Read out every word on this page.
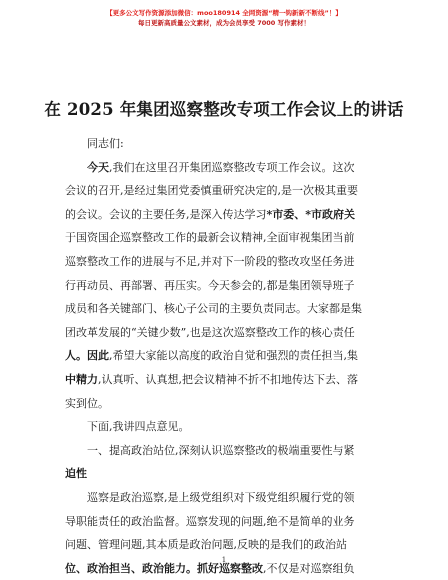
【更多公文写作资源添加微信：moo180914 全网资源“精一钩新新不断线”！】
每日更新高质量公文素材，成为会员享受 7000 写作素材！
在 2025 年集团巡察整改专项工作会议上的讲话
同志们:
今天,我们在这里召开集团巡察整改专项工作会议。这次
会议的召开,是经过集团党委慎重研究决定的,是一次极其重要
的会议。会议的主要任务,是深入传达学习*市委、*市政府关
于国资国企巡察整改工作的最新会议精神,全面审视集团当前
巡察整改工作的进展与不足,并对下一阶段的整改攻坚任务进
行再动员、再部署、再压实。今天参会的,都是集团领导班子
成员和各关键部门、核心子公司的主要负责同志。大家都是集
团改革发展的“关键少数”,也是这次巡察整改工作的核心责任
人。因此,希望大家能以高度的政治自觉和强烈的责任担当,集
中精力,认真听、认真想,把会议精神不折不扣地传达下去、落
实到位。
下面,我讲四点意见。
一、提高政治站位,深刻认识巡察整改的极端重要性与紧
迫性
巡察是政治巡察,是上级党组织对下级党组织履行党的领
导职能责任的政治监督。巡察发现的问题,绝不是简单的业务
问题、管理问题,其本质是政治问题,反映的是我们的政治站
位、政治担当、政治能力。抓好巡察整改,不仅是对巡察组负
1
